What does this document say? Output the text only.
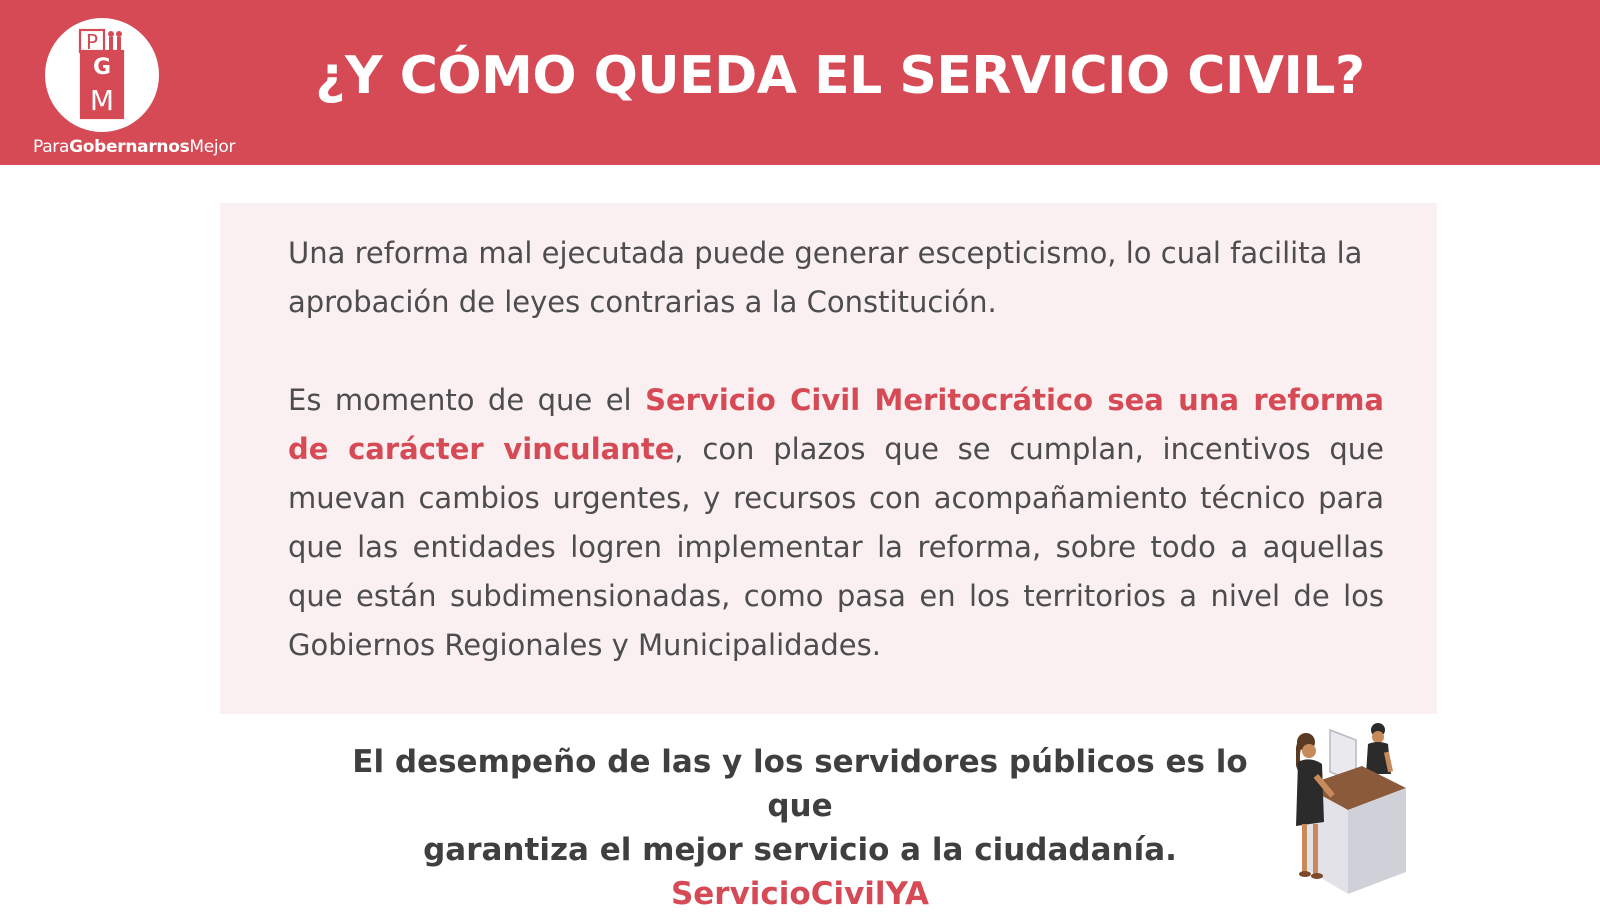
P
G
M
ParaGobernarnosMejor
¿Y CÓMO QUEDA EL SERVICIO CIVIL?

Una reforma mal ejecutada puede generar escepticismo, lo cual facilita la aprobación de leyes contrarias a la Constitución.

Es momento de que el Servicio Civil Meritocrático sea una reforma de carácter vinculante, con plazos que se cumplan, incentivos que muevan cambios urgentes, y recursos con acompañamiento técnico para que las entidades logren implementar la reforma, sobre todo a aquellas que están subdimensionadas, como pasa en los territorios a nivel de los Gobiernos Regionales y Municipalidades.

El desempeño de las y los servidores públicos es lo que
garantiza el mejor servicio a la ciudadanía.
ServicioCivilYA
